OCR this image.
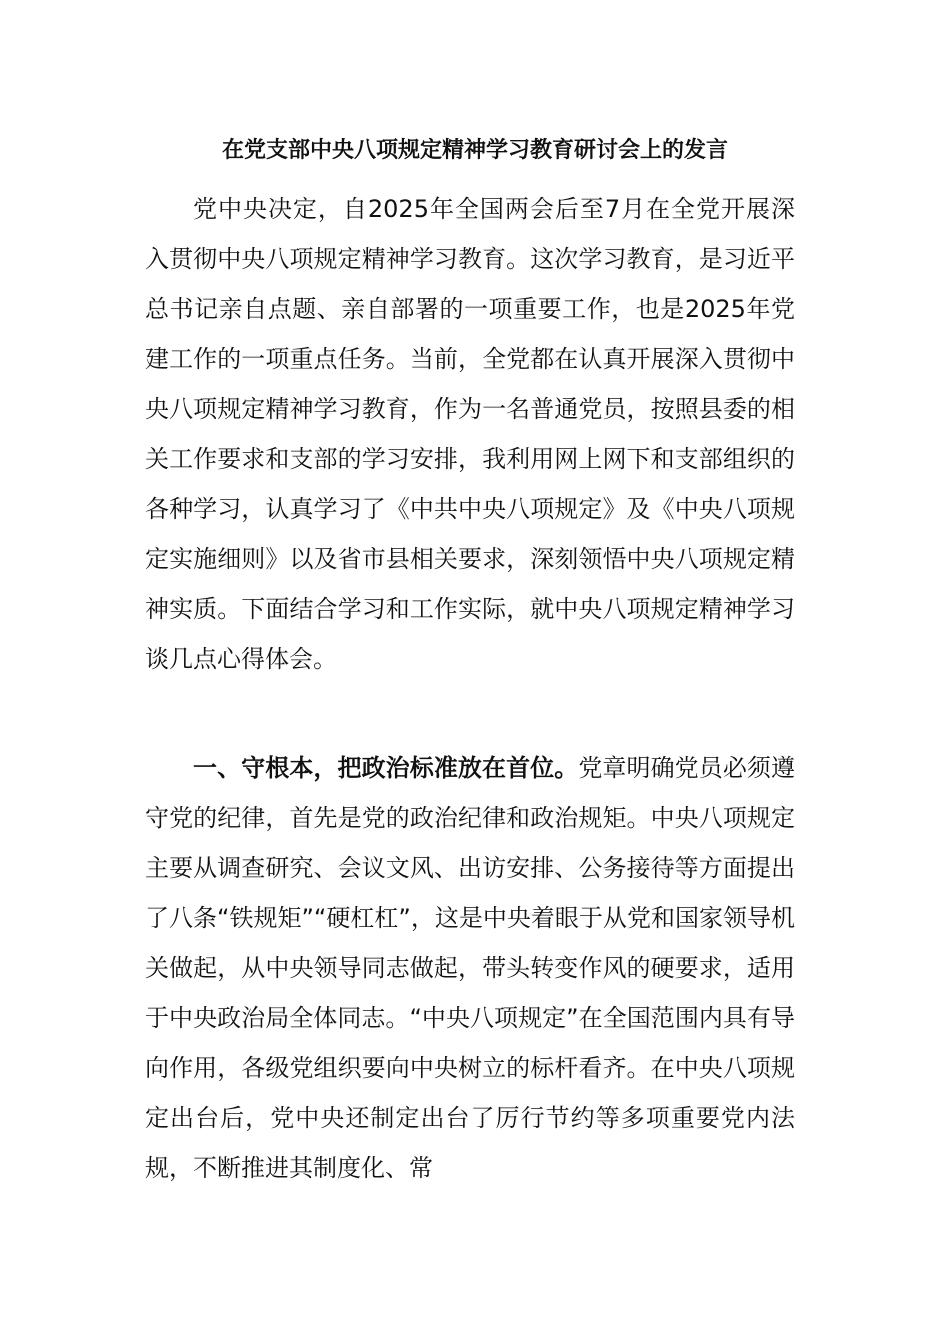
在党支部中央八项规定精神学习教育研讨会上的发言

党中央决定，自2025年全国两会后至7月在全党开展深入贯彻中央八项规定精神学习教育。这次学习教育，是习近平总书记亲自点题、亲自部署的一项重要工作，也是2025年党建工作的一项重点任务。当前，全党都在认真开展深入贯彻中央八项规定精神学习教育，作为一名普通党员，按照县委的相关工作要求和支部的学习安排，我利用网上网下和支部组织的各种学习，认真学习了《中共中央八项规定》及《中央八项规定实施细则》以及省市县相关要求，深刻领悟中央八项规定精神实质。下面结合学习和工作实际，就中央八项规定精神学习谈几点心得体会。

一、守根本，把政治标准放在首位。党章明确党员必须遵守党的纪律，首先是党的政治纪律和政治规矩。中央八项规定主要从调查研究、会议文风、出访安排、公务接待等方面提出了八条“铁规矩”“硬杠杠”，这是中央着眼于从党和国家领导机关做起，从中央领导同志做起，带头转变作风的硬要求，适用于中央政治局全体同志。“中央八项规定”在全国范围内具有导向作用，各级党组织要向中央树立的标杆看齐。在中央八项规定出台后，党中央还制定出台了厉行节约等多项重要党内法规，不断推进其制度化、常
